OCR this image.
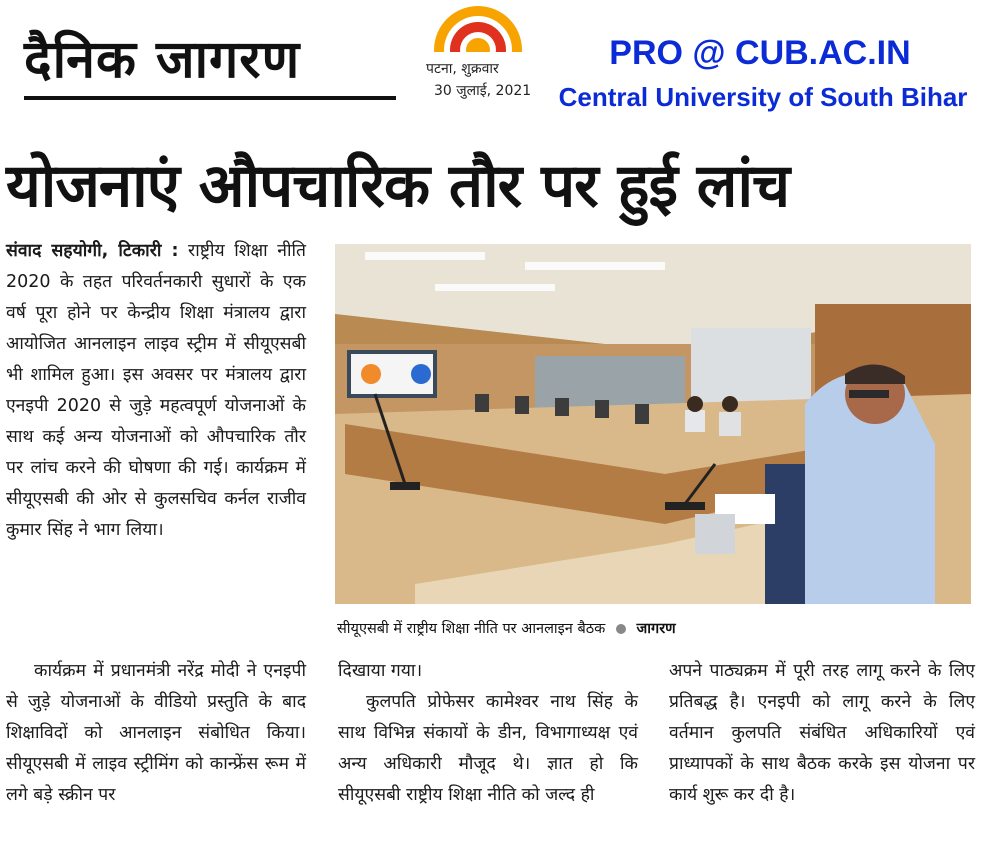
दैनिक जागरण	पटना, शुक्रवार
30 जुलाई, 2021
PRO @ CUB.AC.IN
Central University of South Bihar
योजनाएं औपचारिक तौर पर हुई लांच

संवाद सहयोगी, टिकारी : राष्ट्रीय शिक्षा नीति 2020 के तहत परिवर्तनकारी सुधारों के एक वर्ष पूरा होने पर केन्द्रीय शिक्षा मंत्रालय द्वारा आयोजित आनलाइन लाइव स्ट्रीम में सीयूएसबी भी शामिल हुआ। इस अवसर पर मंत्रालय द्वारा एनइपी 2020 से जुड़े महत्वपूर्ण योजनाओं के साथ कई अन्य योजनाओं को औपचारिक तौर पर लांच करने की घोषणा की गई। कार्यक्रम में सीयूएसबी की ओर से कुलसचिव कर्नल राजीव कुमार सिंह ने भाग लिया।

कार्यक्रम में प्रधानमंत्री नरेंद्र मोदी ने एनइपी से जुड़े योजनाओं के वीडियो प्रस्तुति के बाद शिक्षाविदों को आनलाइन संबोधित किया। सीयूएसबी में लाइव स्ट्रीमिंग को कान्फ्रेंस रूम में लगे बड़े स्क्रीन पर

दिखाया गया।

कुलपति प्रोफेसर कामेश्वर नाथ सिंह के साथ विभिन्न संकायों के डीन, विभागाध्यक्ष एवं अन्य अधिकारी मौजूद थे। ज्ञात हो कि सीयूएसबी राष्ट्रीय शिक्षा नीति को जल्द ही

अपने पाठ्यक्रम में पूरी तरह लागू करने के लिए प्रतिबद्ध है। एनइपी को लागू करने के लिए वर्तमान कुलपति संबंधित अधिकारियों एवं प्राध्यापकों के साथ बैठक करके इस योजना पर कार्य शुरू कर दी है।

सीयूएसबी में राष्ट्रीय शिक्षा नीति पर आनलाइन बैठक जागरण
